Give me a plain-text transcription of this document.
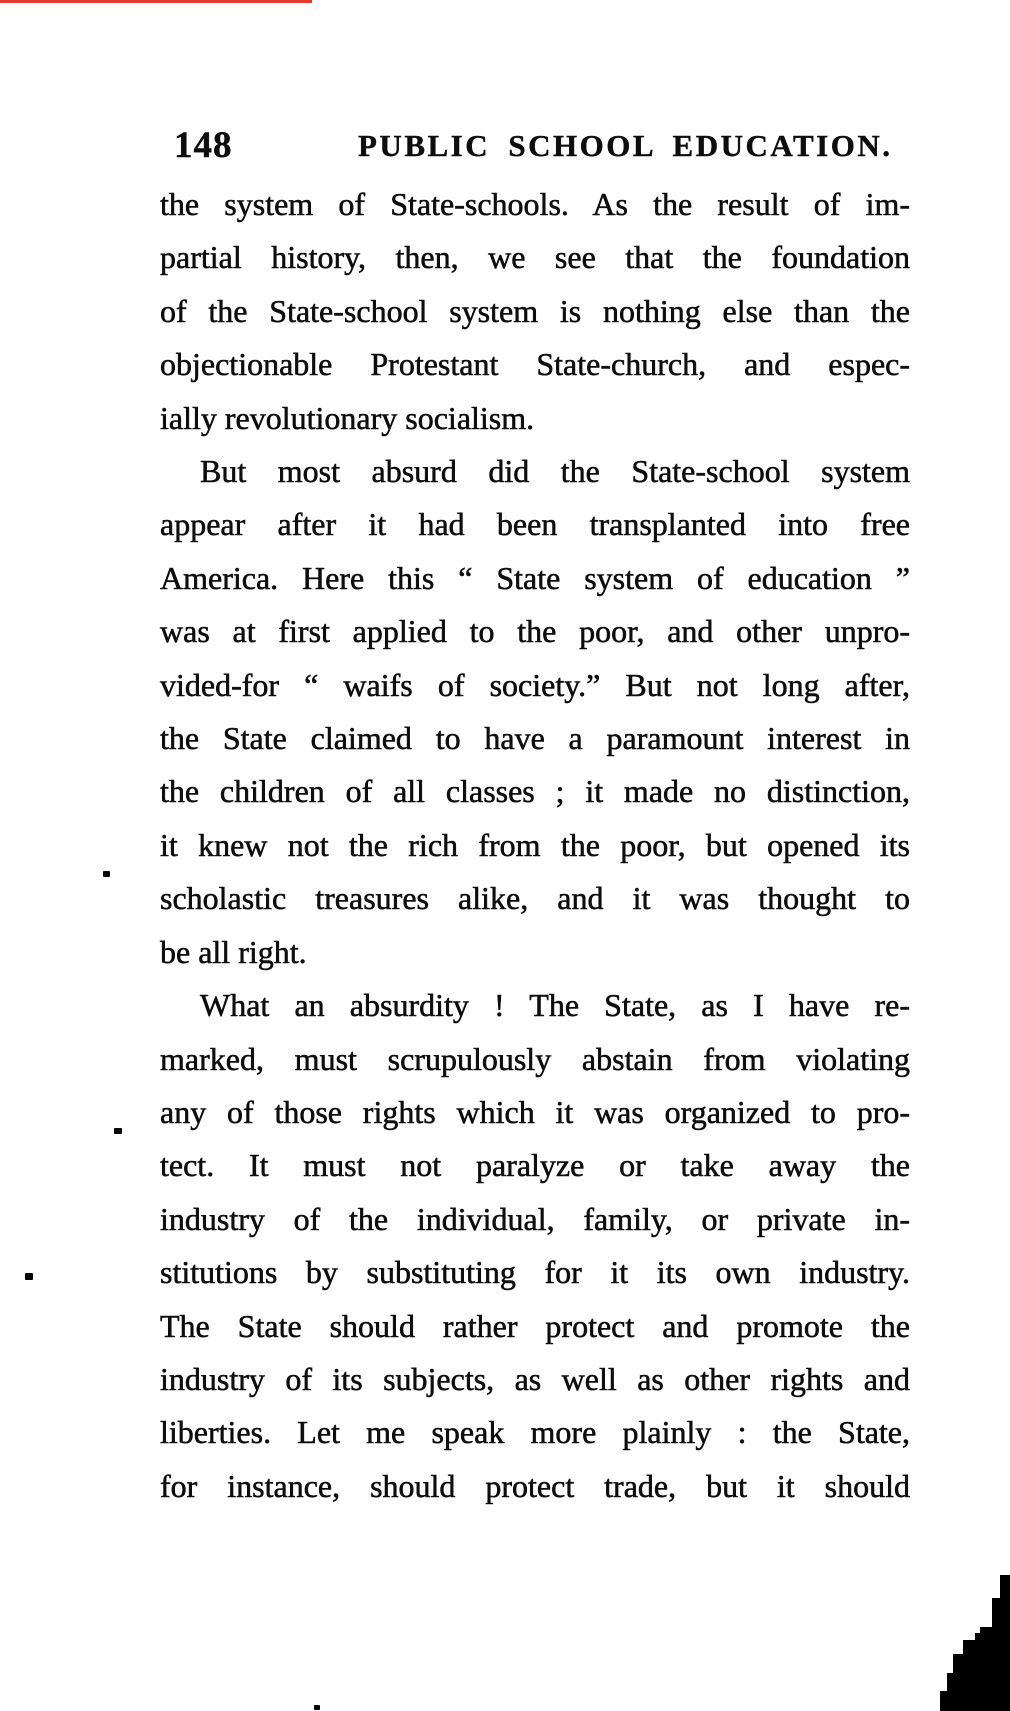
148	PUBLIC SCHOOL EDUCATION.
the system of State-schools. As the result of im-
partial history, then, we see that the foundation
of the State-school system is nothing else than the
objectionable Protestant State-church, and espec-
ially revolutionary socialism.
But most absurd did the State-school system
appear after it had been transplanted into free
America. Here this “ State system of education ”
was at first applied to the poor, and other unpro-
vided-for “ waifs of society.” But not long after,
the State claimed to have a paramount interest in
the children of all classes ; it made no distinction,
it knew not the rich from the poor, but opened its
scholastic treasures alike, and it was thought to
be all right.
What an absurdity ! The State, as I have re-
marked, must scrupulously abstain from violating
any of those rights which it was organized to pro-
tect. It must not paralyze or take away the
industry of the individual, family, or private in-
stitutions by substituting for it its own industry.
The State should rather protect and promote the
industry of its subjects, as well as other rights and
liberties. Let me speak more plainly : the State,
for instance, should protect trade, but it should
